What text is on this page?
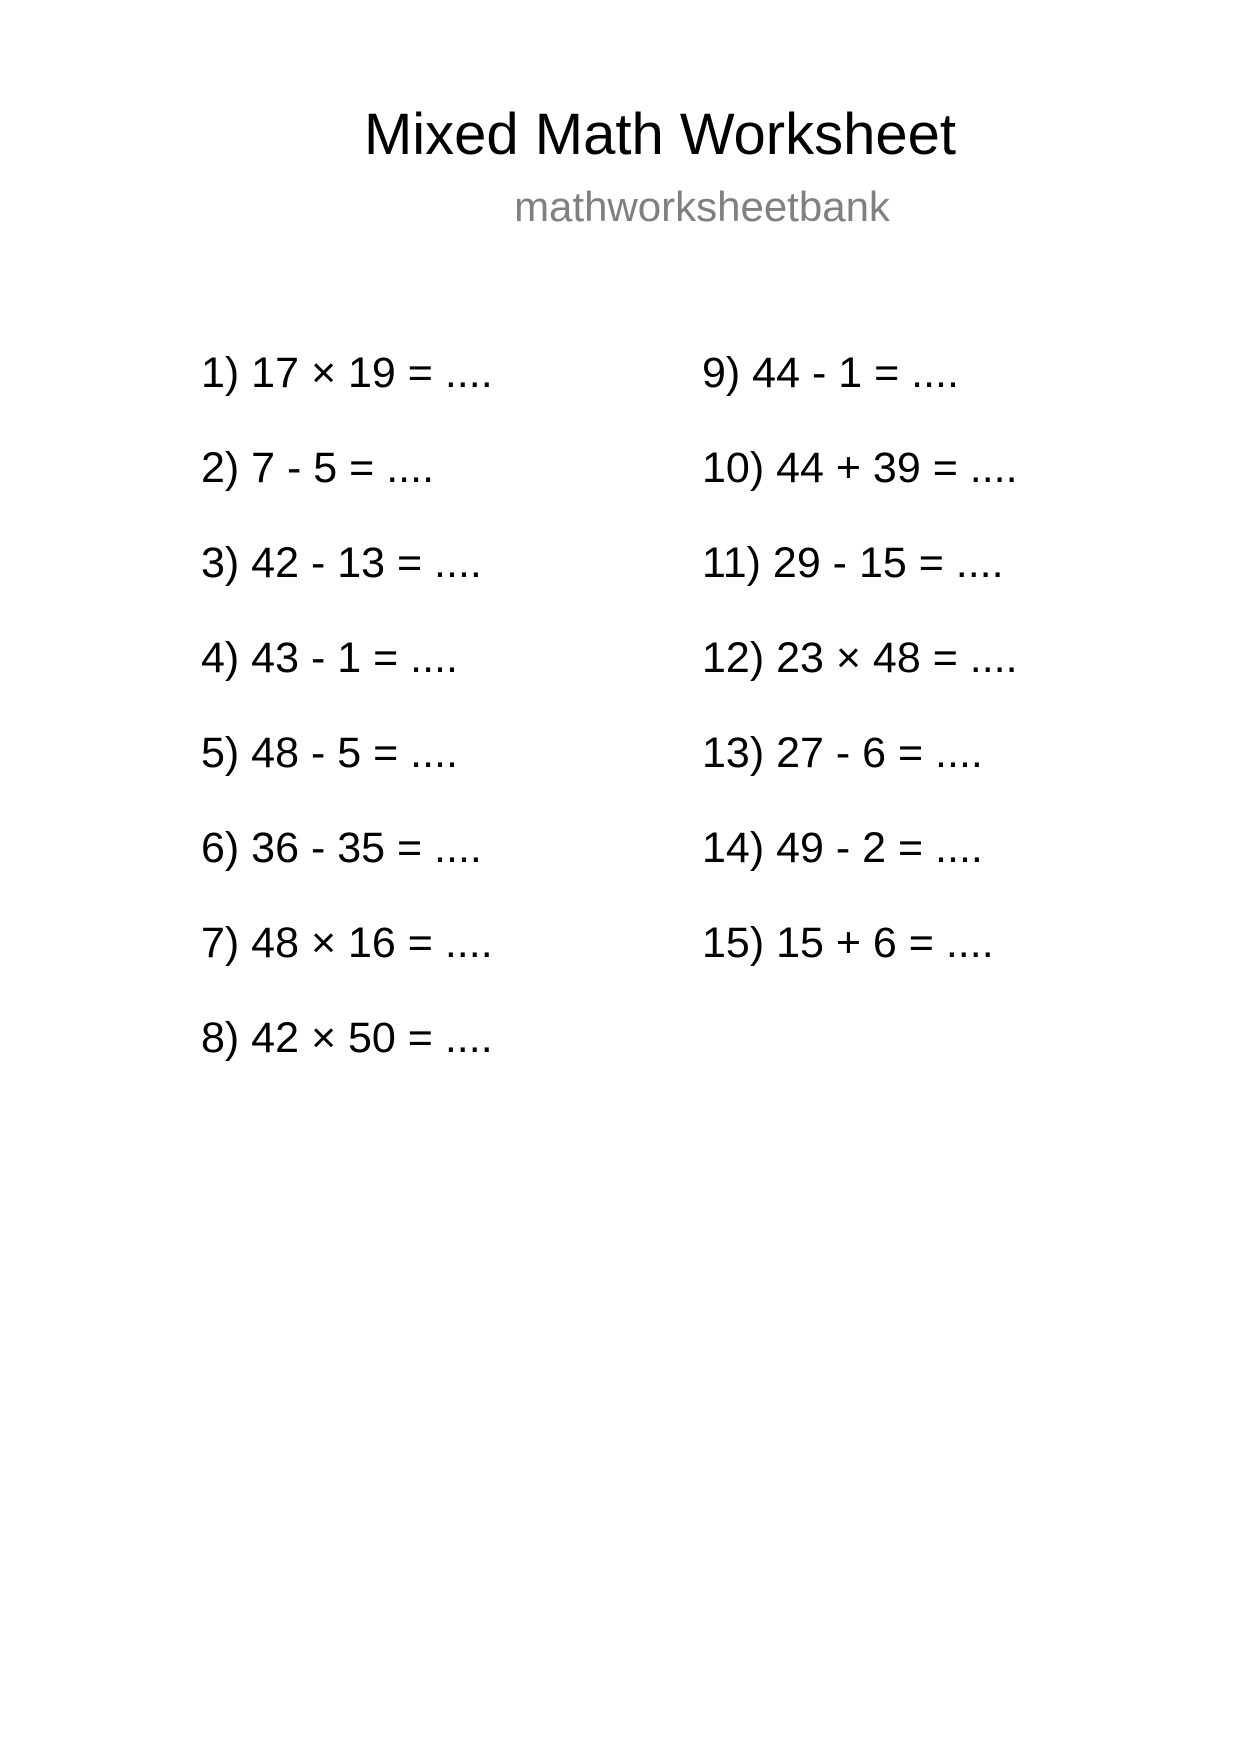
Mixed Math Worksheet
mathworksheetbank
1) 17 × 19 = ....
2) 7 - 5 = ....
3) 42 - 13 = ....
4) 43 - 1 = ....
5) 48 - 5 = ....
6) 36 - 35 = ....
7) 48 × 16 = ....
8) 42 × 50 = ....
9) 44 - 1 = ....
10) 44 + 39 = ....
11) 29 - 15 = ....
12) 23 × 48 = ....
13) 27 - 6 = ....
14) 49 - 2 = ....
15) 15 + 6 = ....
